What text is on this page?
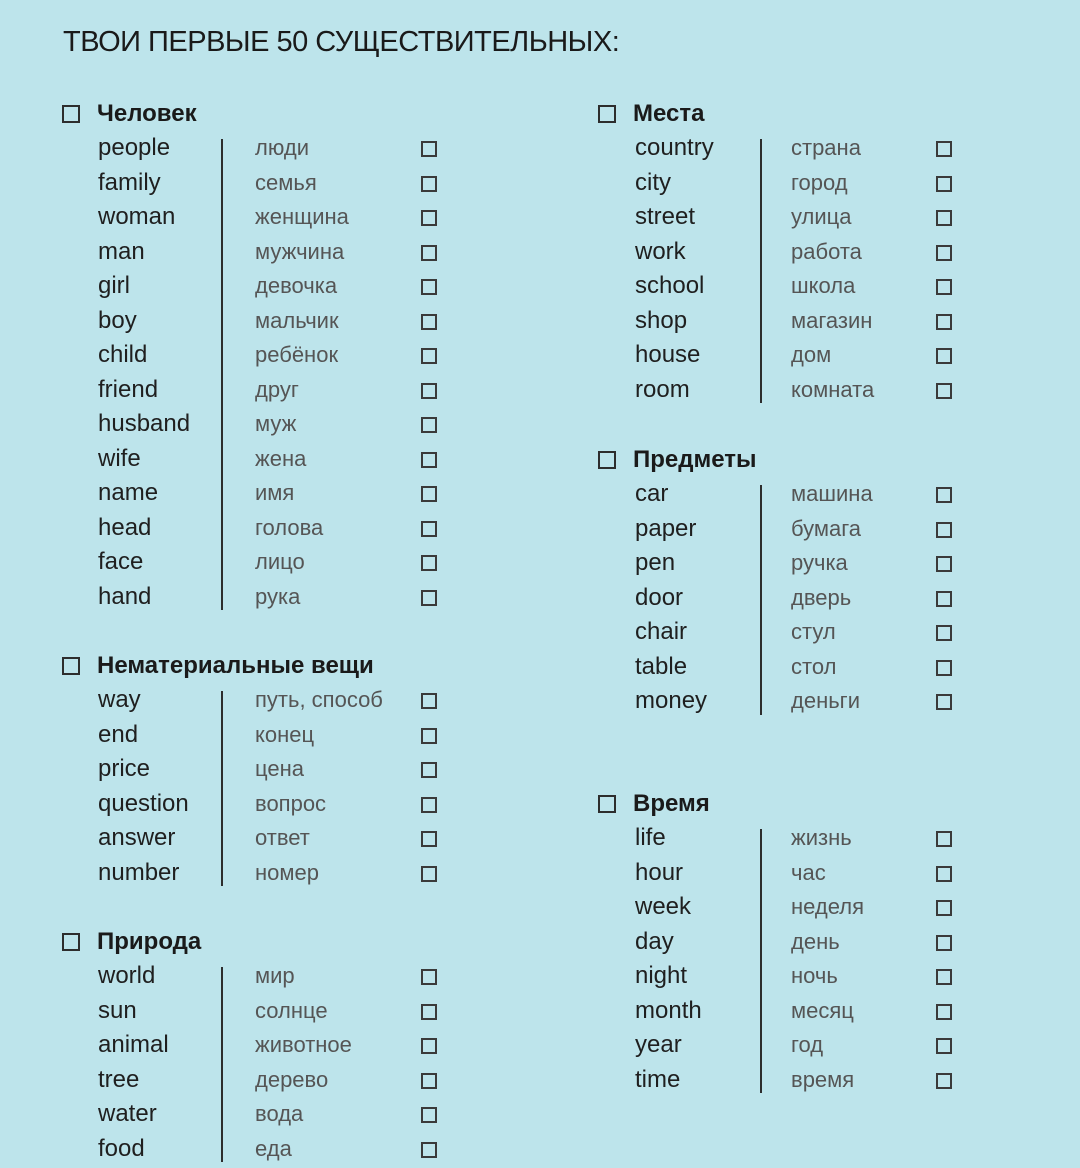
ТВОИ ПЕРВЫЕ 50 СУЩЕСТВИТЕЛЬНЫХ:
Человек
people	люди
family	семья
woman	женщина
man	мужчина
girl	девочка
boy	мальчик
child	ребёнок
friend	друг
husband	муж
wife	жена
name	имя
head	голова
face	лицо
hand	рука
Нематериальные вещи
way	путь, способ
end	конец
price	цена
question	вопрос
answer	ответ
number	номер
Природа
world	мир
sun	солнце
animal	животное
tree	дерево
water	вода
food	еда
Места
country	страна
city	город
street	улица
work	работа
school	школа
shop	магазин
house	дом
room	комната
Предметы
car	машина
paper	бумага
pen	ручка
door	дверь
chair	стул
table	стол
money	деньги
Время
life	жизнь
hour	час
week	неделя
day	день
night	ночь
month	месяц
year	год
time	время
